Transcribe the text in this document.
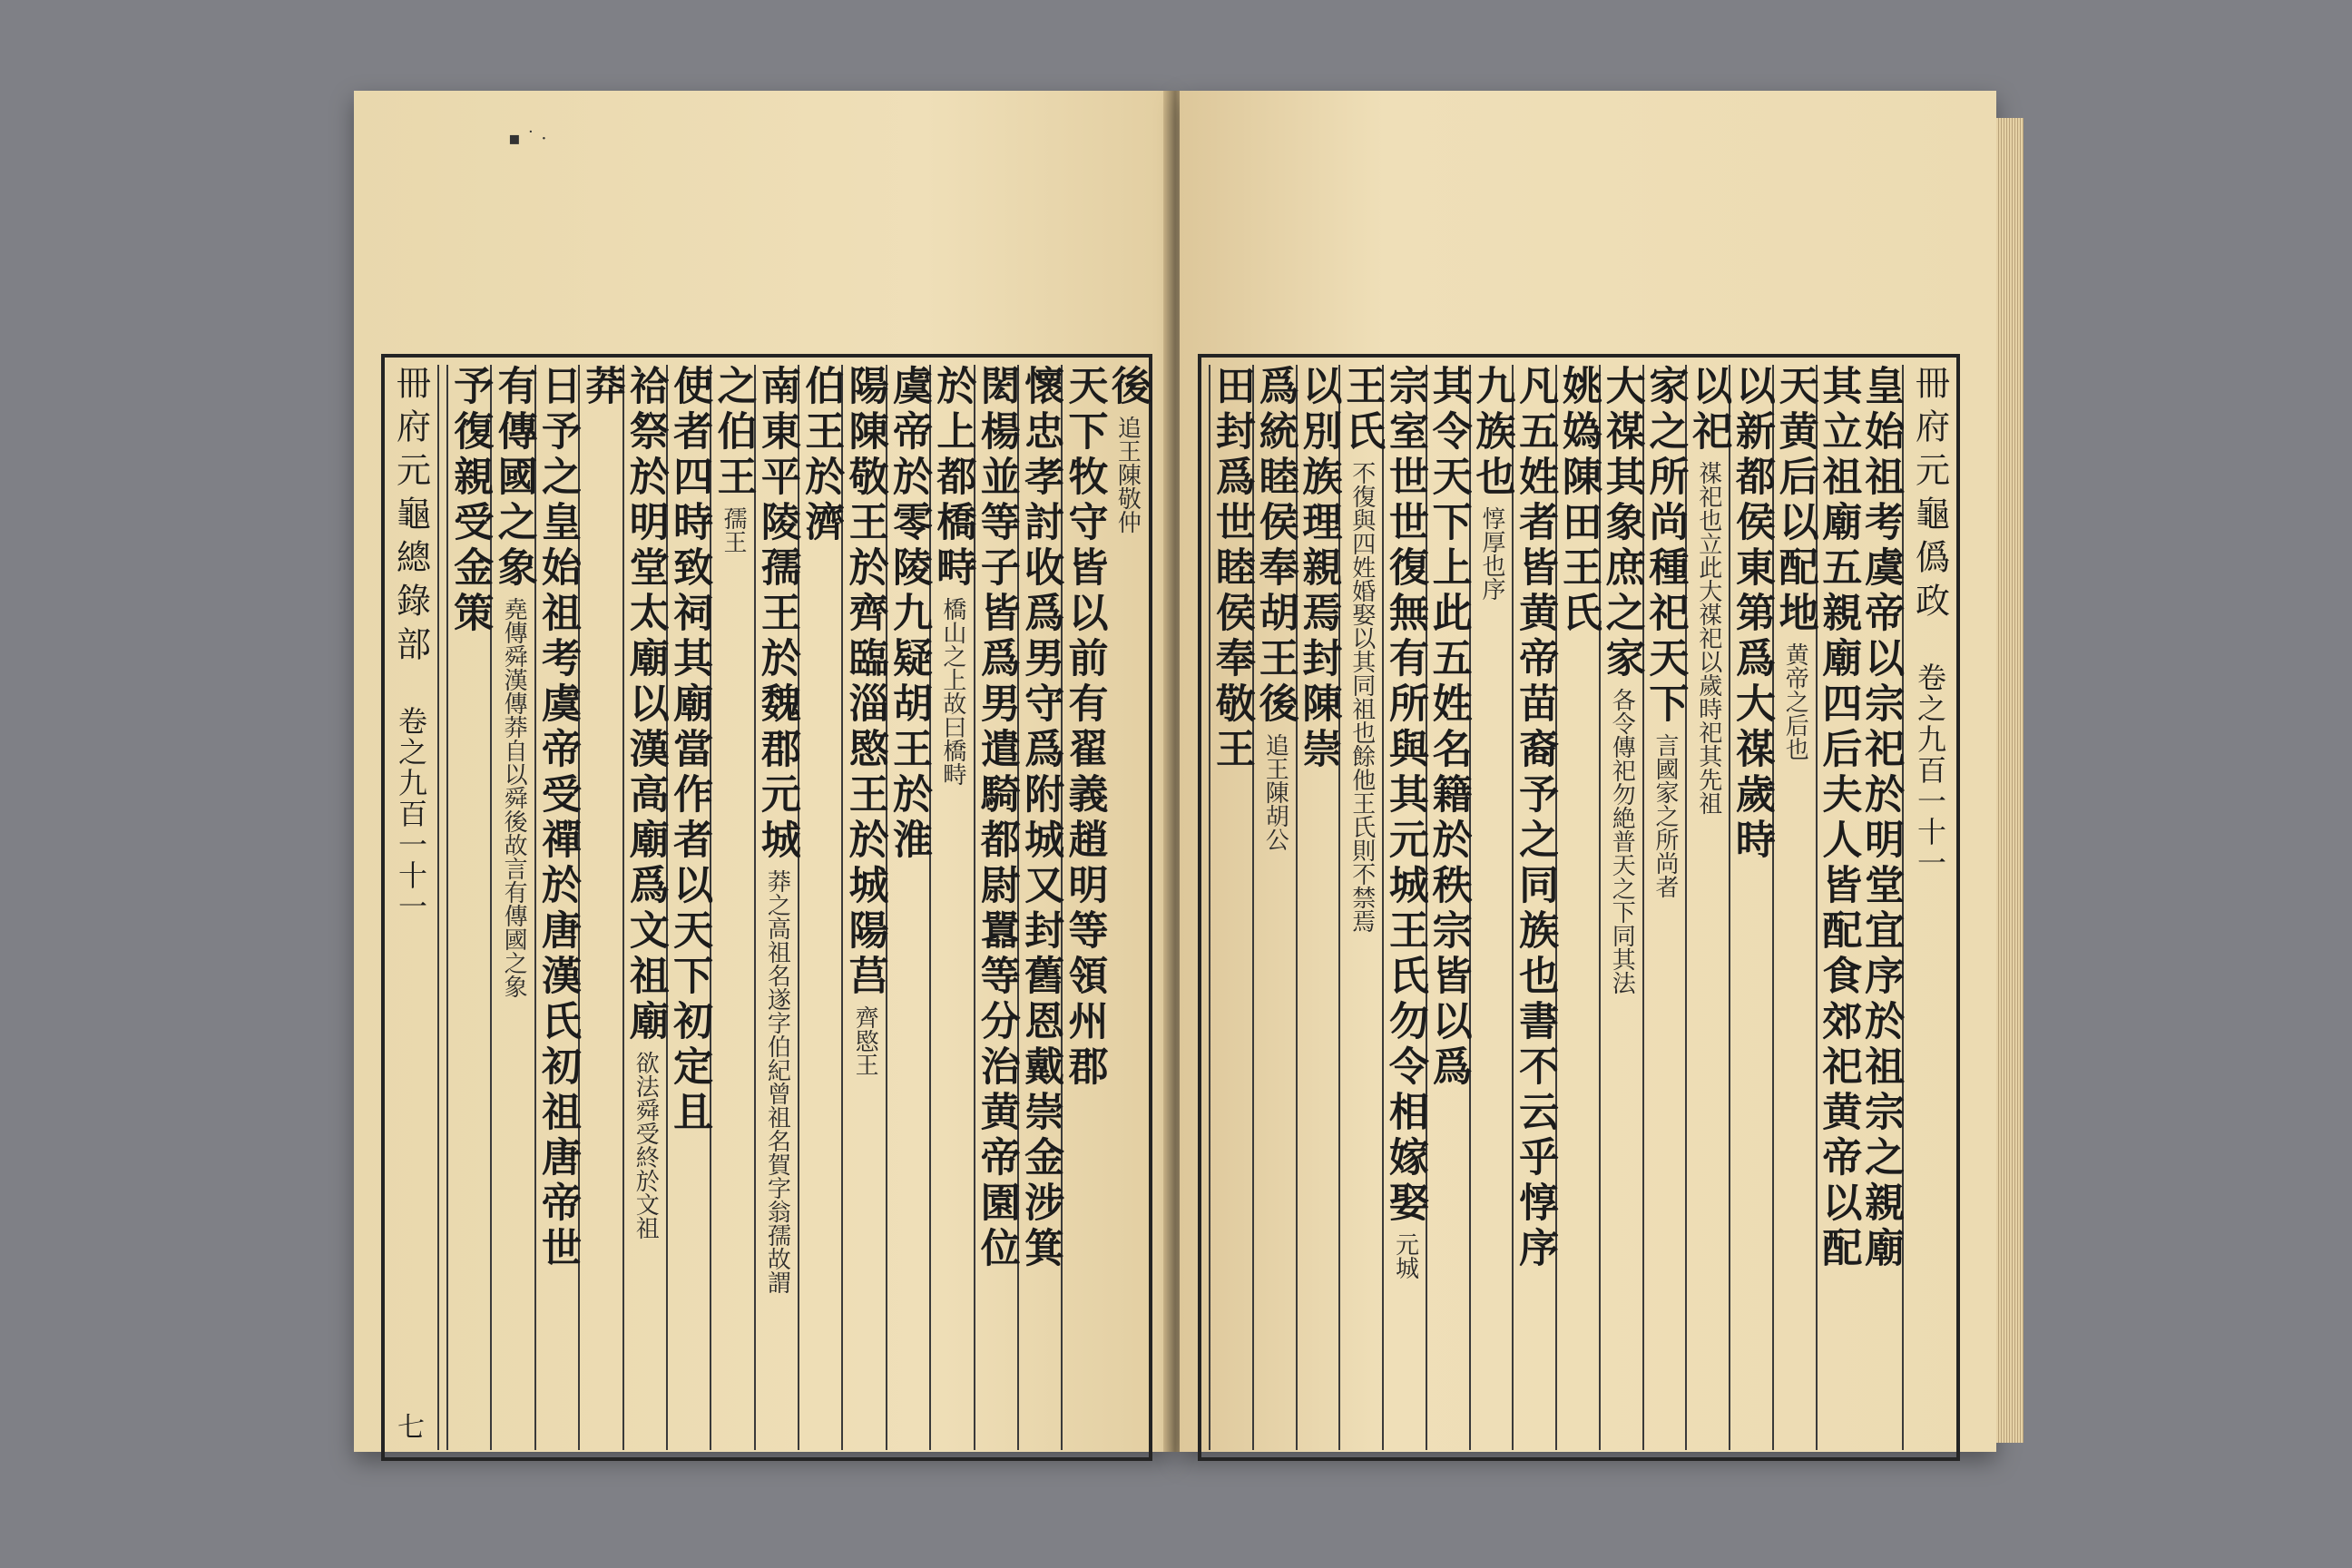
▪ ˙ ·
冊府元龜總錄部
卷之九百一十一
後
追王陳敬仲
天下牧守皆以前有翟義趙明等領州郡
懷忠孝討收爲男守爲附城又封舊恩戴崇金涉箕
閎楊並等子皆爲男遣騎都尉囂等分治黄帝園位
於上都橋畤
橋山之上故曰橋畤
虞帝於零陵九疑胡王於淮
陽陳敬王於齊臨淄愍王於城陽莒
齊愍王
伯王於濟
南東平陵孺王於魏郡元城
莽之高祖名遂字伯紀曾祖名賀字翁孺故謂
之伯王
孺王
使者四時致祠其廟當作者以天下初定且
祫祭於明堂太廟以漢高廟爲文祖廟
欲法舜受終於文祖
莽
日予之皇始祖考虞帝受禪於唐漢氏初祖唐帝世
有傳國之象
堯傳舜漢傳莽自以舜後故言有傳國之象
予復親受金策
七
冊府元龜僞政
卷之九百一十一
皇始祖考虞帝以宗祀於明堂宜序於祖宗之親廟
其立祖廟五親廟四后夫人皆配食郊祀黄帝以配
天黄后以配地
黄帝之后也
以新都侯東第爲大禖歲時
以祀
禖祀也立此大禖祀以歲時祀其先祖
家之所尚種祀天下
言國家之所尚者
大禖其象庶之家
各令傳祀勿絶普天之下同其法
姚媯陳田王氏
凡五姓者皆黄帝苗裔予之同族也書不云乎惇序
九族也
惇厚也序
其令天下上此五姓名籍於秩宗皆以爲
宗室世世復無有所與其元城王氏勿令相嫁娶
元城
王氏
不復與四姓婚娶以其同祖也餘他王氏則不禁焉
以別族理親焉封陳崇
爲統睦侯奉胡王後
追王陳胡公
田封爲世睦侯奉敬王
